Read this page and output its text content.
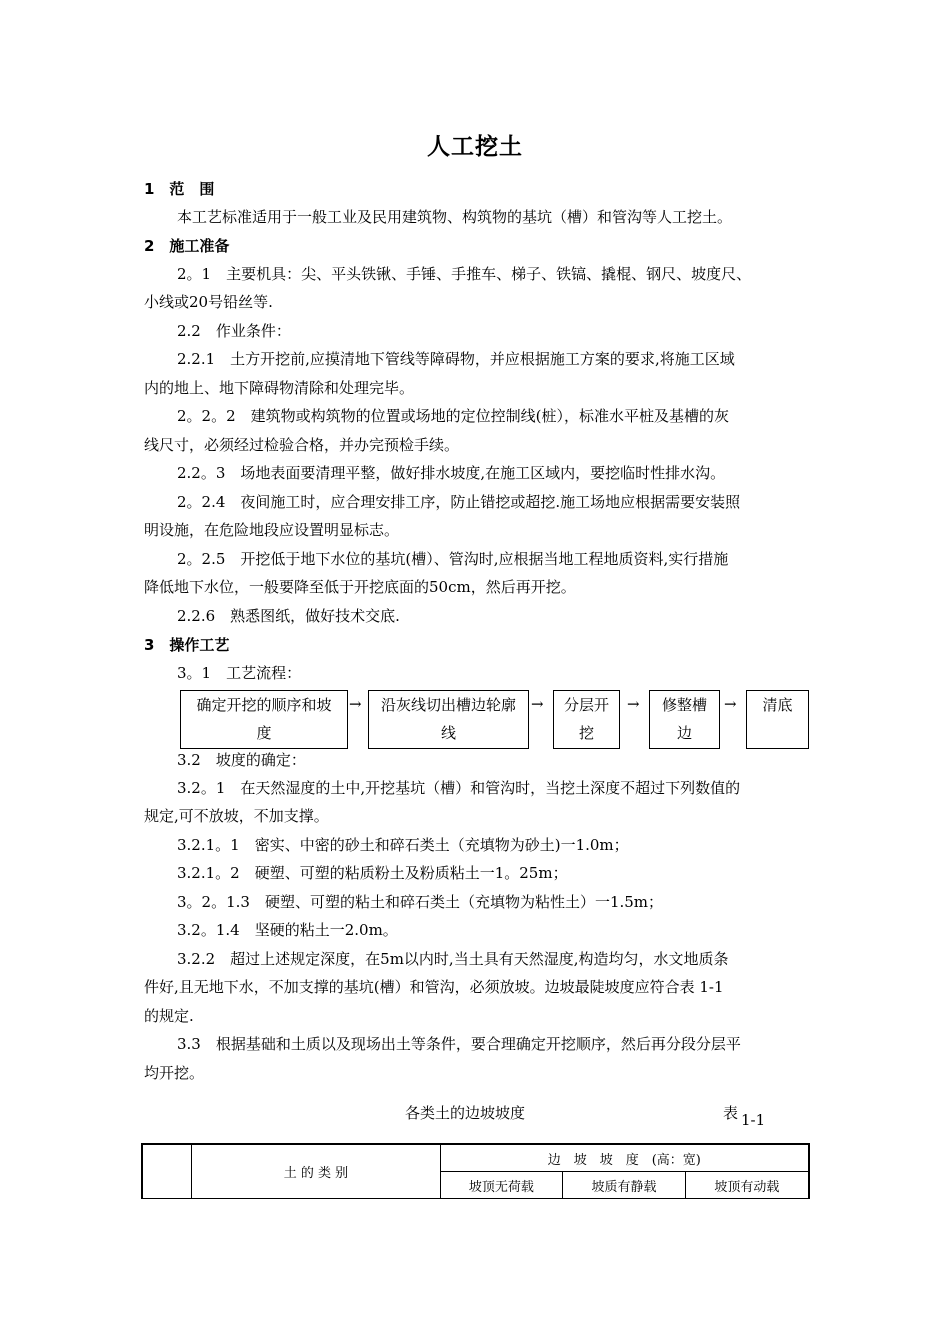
人工挖土
1　范　围
本工艺标准适用于一般工业及民用建筑物、构筑物的基坑（槽）和管沟等人工挖土。
2　施工准备
2。1　主要机具：尖、平头铁锹、手锤、手推车、梯子、铁镐、撬棍、钢尺、坡度尺、
小线或20号铅丝等.
2.2　作业条件：
2.2.1　土方开挖前,应摸清地下管线等障碍物，并应根据施工方案的要求,将施工区域
内的地上、地下障碍物清除和处理完毕。
2。2。2　建筑物或构筑物的位置或场地的定位控制线(桩），标准水平桩及基槽的灰
线尺寸，必须经过检验合格，并办完预检手续。
2.2。3　场地表面要清理平整，做好排水坡度,在施工区域内，要挖临时性排水沟。
2。2.4　夜间施工时，应合理安排工序，防止错挖或超挖.施工场地应根据需要安装照
明设施，在危险地段应设置明显标志。
2。2.5　开挖低于地下水位的基坑(槽）、管沟时,应根据当地工程地质资料,实行措施
降低地下水位，一般要降至低于开挖底面的50cm，然后再开挖。
2.2.6　熟悉图纸，做好技术交底.
3　操作工艺
3。1　工艺流程：
确定开挖的顺序和坡
度
→	沿灰线切出槽边轮廓
线
→	分层开
挖
→	修整槽
边
→	清底
3.2　坡度的确定：
3.2。1　在天然湿度的土中,开挖基坑（槽）和管沟时，当挖土深度不超过下列数值的
规定,可不放坡，不加支撑。
3.2.1。1　密实、中密的砂土和碎石类土（充填物为砂土)一1.0m；
3.2.1。2　硬塑、可塑的粘质粉土及粉质粘土一1。25m；
3。2。1.3　硬塑、可塑的粘土和碎石类土（充填物为粘性土）一1.5m；
3.2。1.4　坚硬的粘土一2.0m。
3.2.2　超过上述规定深度，在5m以内时,当土具有天然湿度,构造均匀，水文地质条
件好,且无地下水，不加支撑的基坑(槽）和管沟，必须放坡。边坡最陡坡度应符合表 1-1
的规定.
3.3　根据基础和土质以及现场出土等条件，要合理确定开挖顺序，然后再分段分层平
均开挖。
各类土的边坡坡度	表 1-1
	土 的 类 别	边　坡　坡　度　(高：宽)		
		坡顶无荷载	坡质有静载	坡顶有动载
